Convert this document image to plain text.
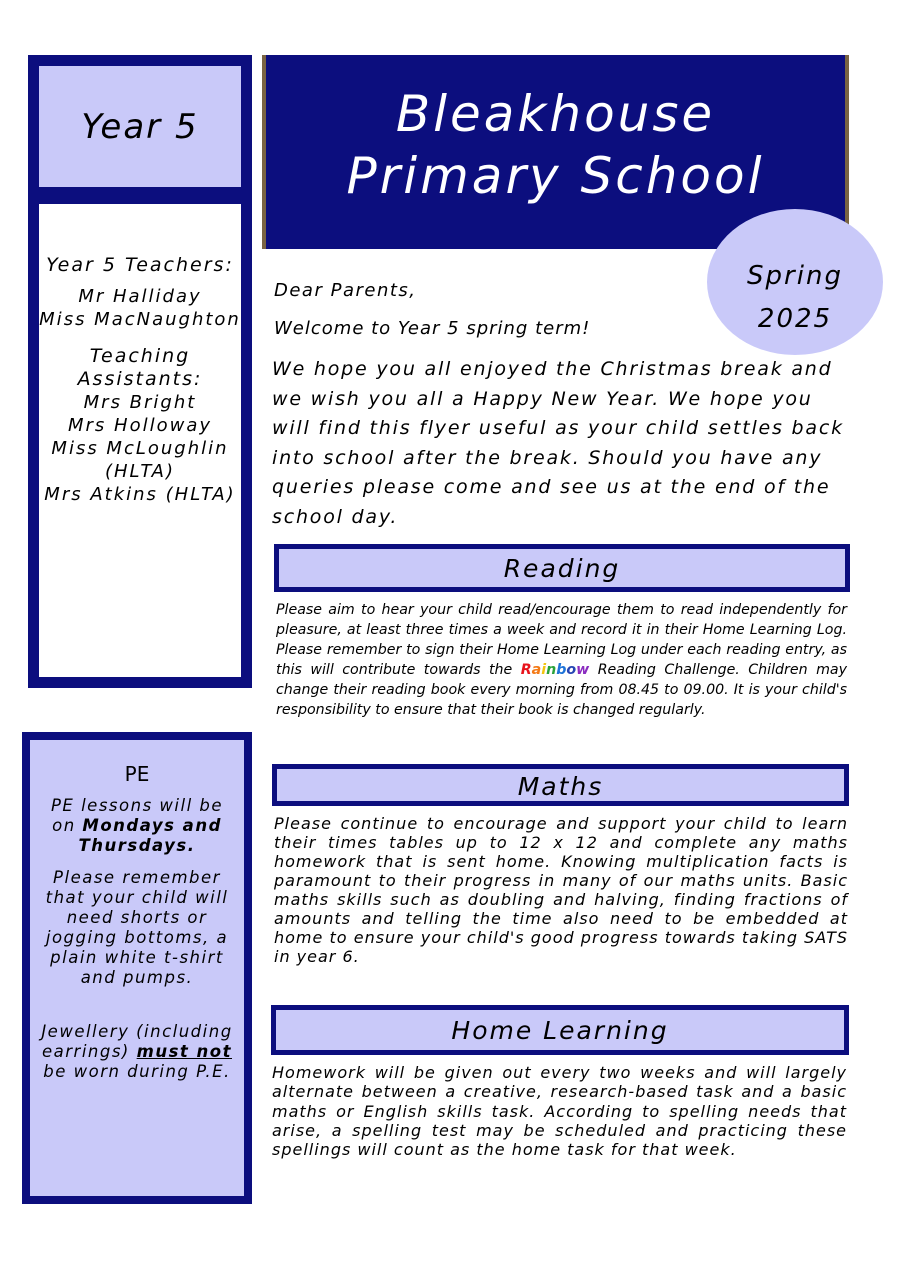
Year 5
Year 5 Teachers:
Mr Halliday
Miss MacNaughton
Teaching Assistants:
Mrs Bright
Mrs Holloway
Miss McLoughlin (HLTA)
Mrs Atkins (HLTA)
PE

PE lessons will be on Mondays and Thursdays.

Please remember that your child will need shorts or jogging bottoms, a plain white t-shirt and pumps.

Jewellery (including earrings) must not be worn during P.E.

Bleakhouse
Primary School
Spring
2025
Dear Parents,
Welcome to Year 5 spring term!
We hope you all enjoyed the Christmas break and we wish you all a Happy New Year. We hope you will find this flyer useful as your child settles back into school after the break. Should you have any queries please come and see us at the end of the school day.
Reading
Please aim to hear your child read/encourage them to read independently for pleasure, at least three times a week and record it in their Home Learning Log. Please remember to sign their Home Learning Log under each reading entry, as this will contribute towards the Rainbow Reading Challenge. Children may change their reading book every morning from 08.45 to 09.00. It is your child's responsibility to ensure that their book is changed regularly.
Maths
Please continue to encourage and support your child to learn their times tables up to 12 x 12 and complete any maths homework that is sent home. Knowing multiplication facts is paramount to their progress in many of our maths units. Basic maths skills such as doubling and halving, finding fractions of amounts and telling the time also need to be embedded at home to ensure your child's good progress towards taking SATS in year 6.
Home Learning
Homework will be given out every two weeks and will largely alternate between a creative, research-based task and a basic maths or English skills task. According to spelling needs that arise, a spelling test may be scheduled and practicing these spellings will count as the home task for that week.
